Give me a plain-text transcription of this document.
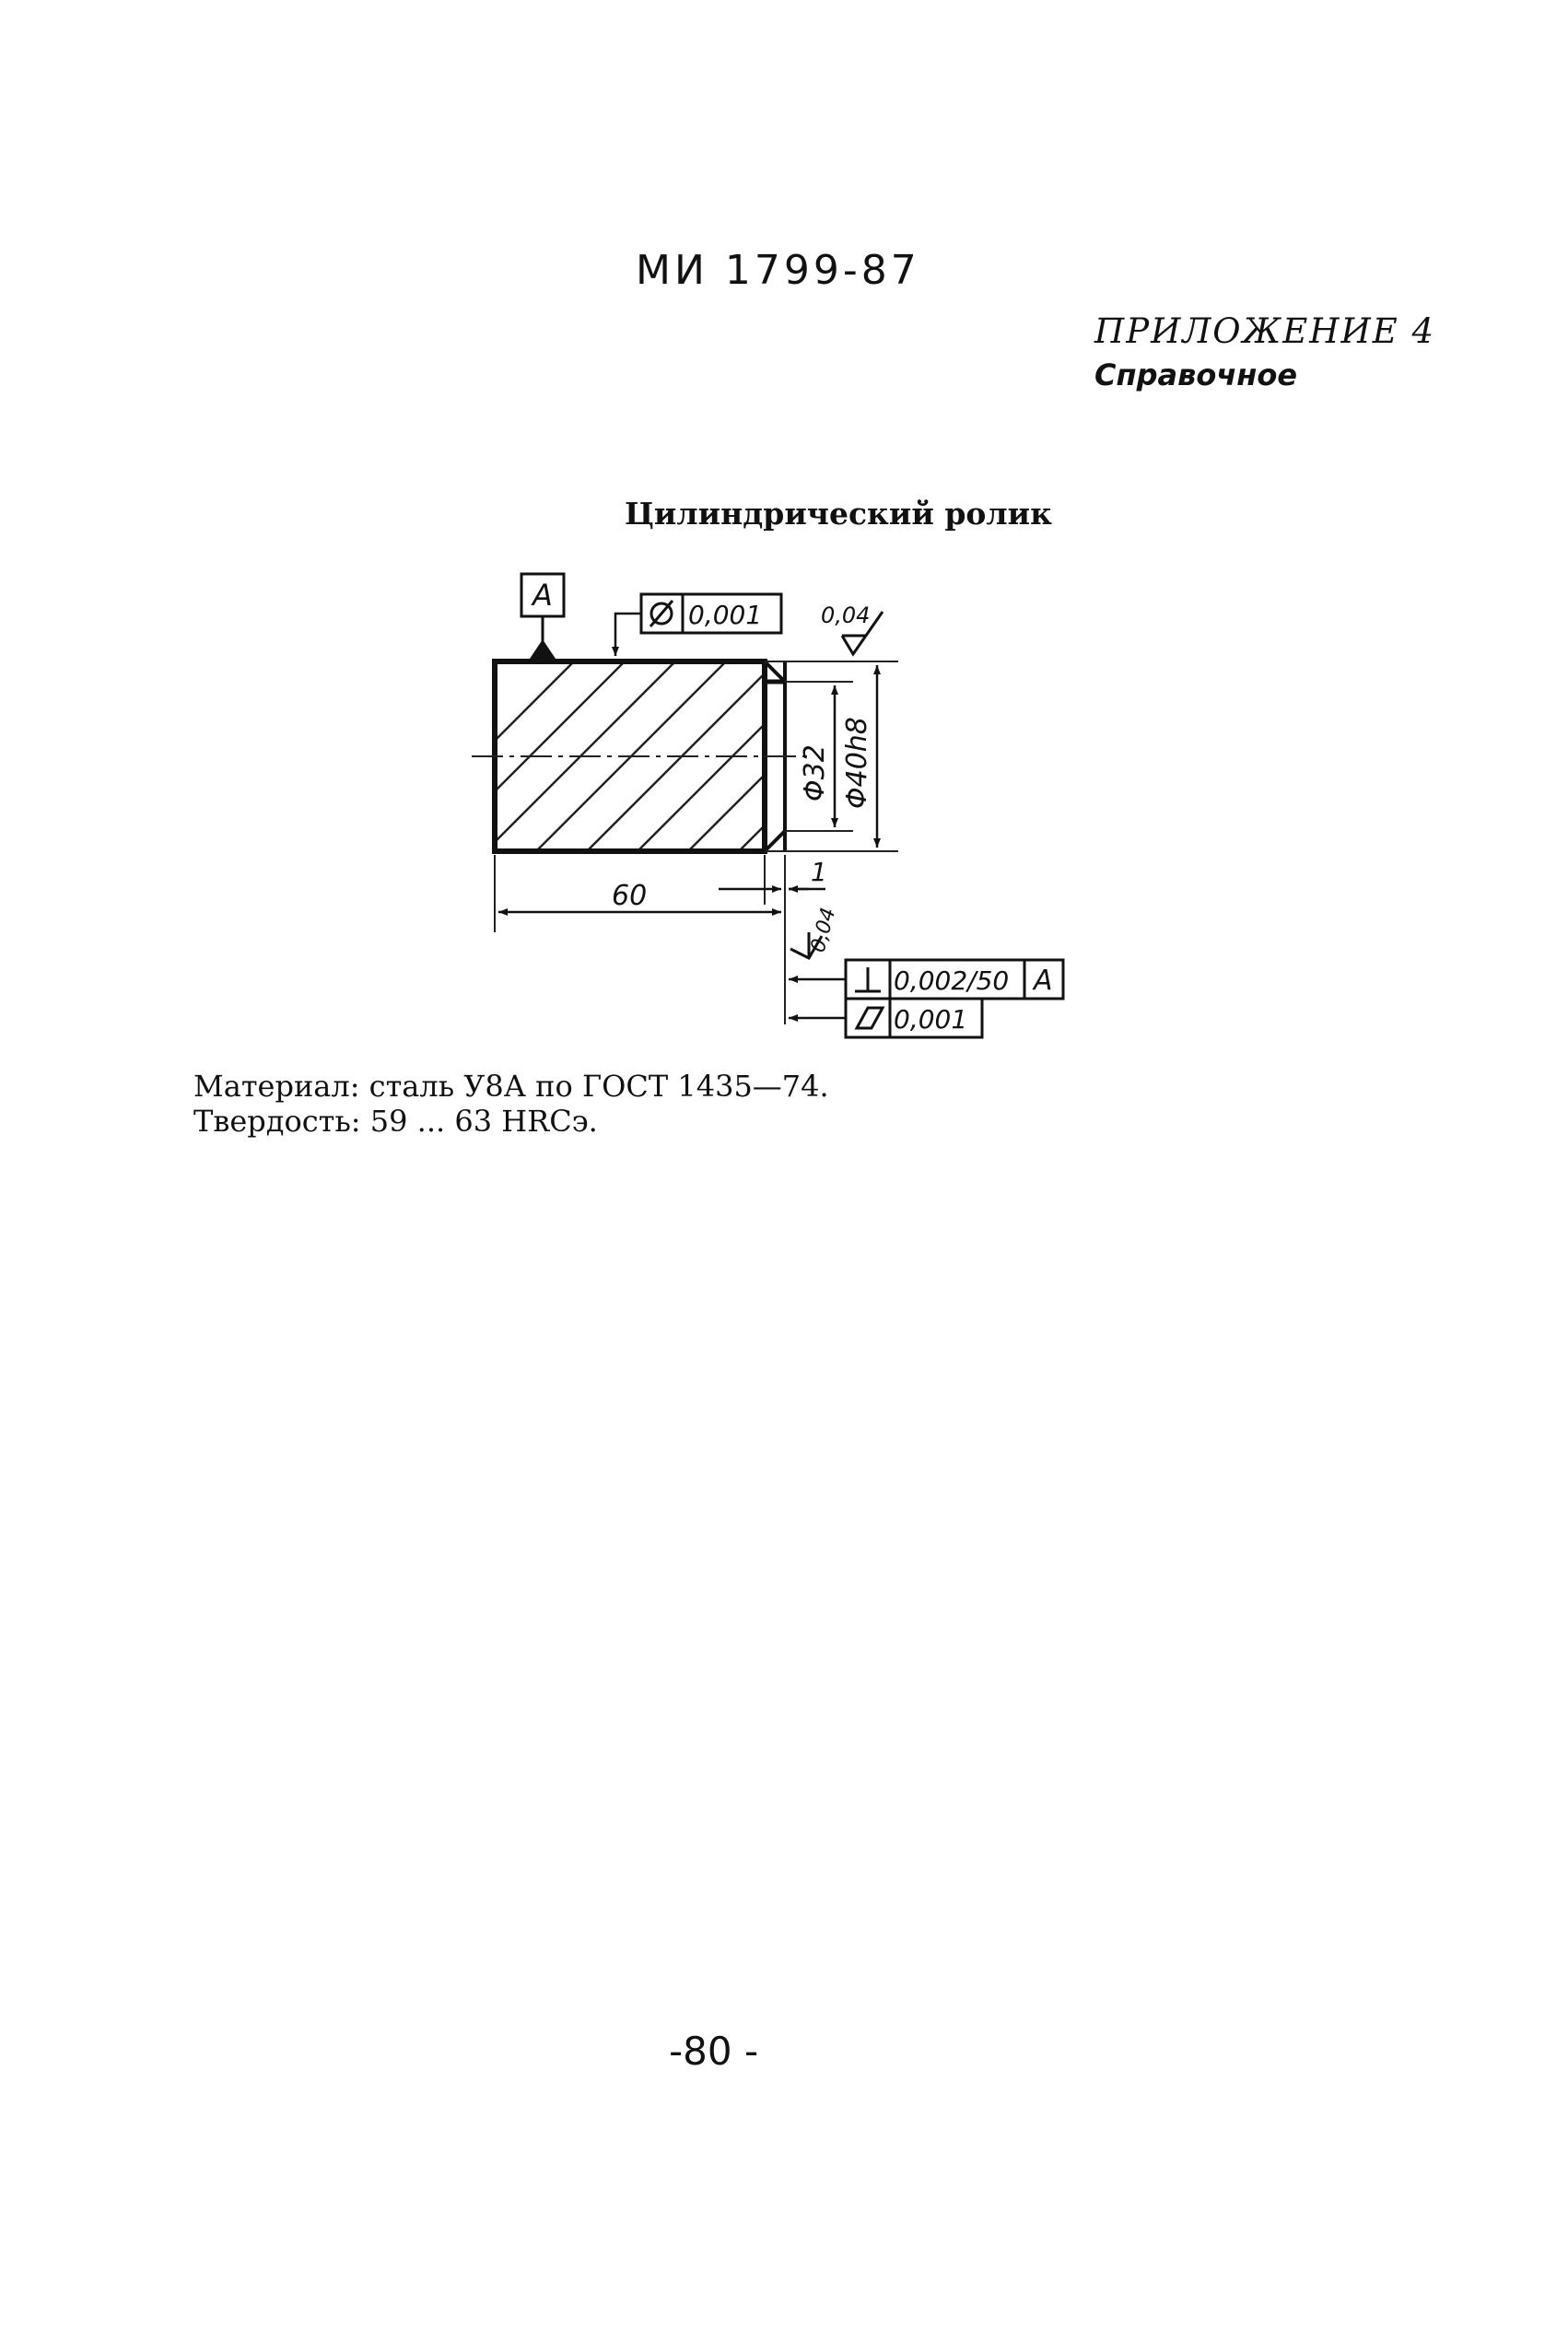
МИ 1799-87
ПРИЛОЖЕНИЕ 4
Справочное
Цилиндрический ролик
A
0,001	0,04
Φ32 Φ40h8
60
1
0,04
0,002/50 A
0,001
Материал: сталь У8А по ГОСТ 1435—74.
Твердость: 59 ... 63 HRCэ.
-80 -
